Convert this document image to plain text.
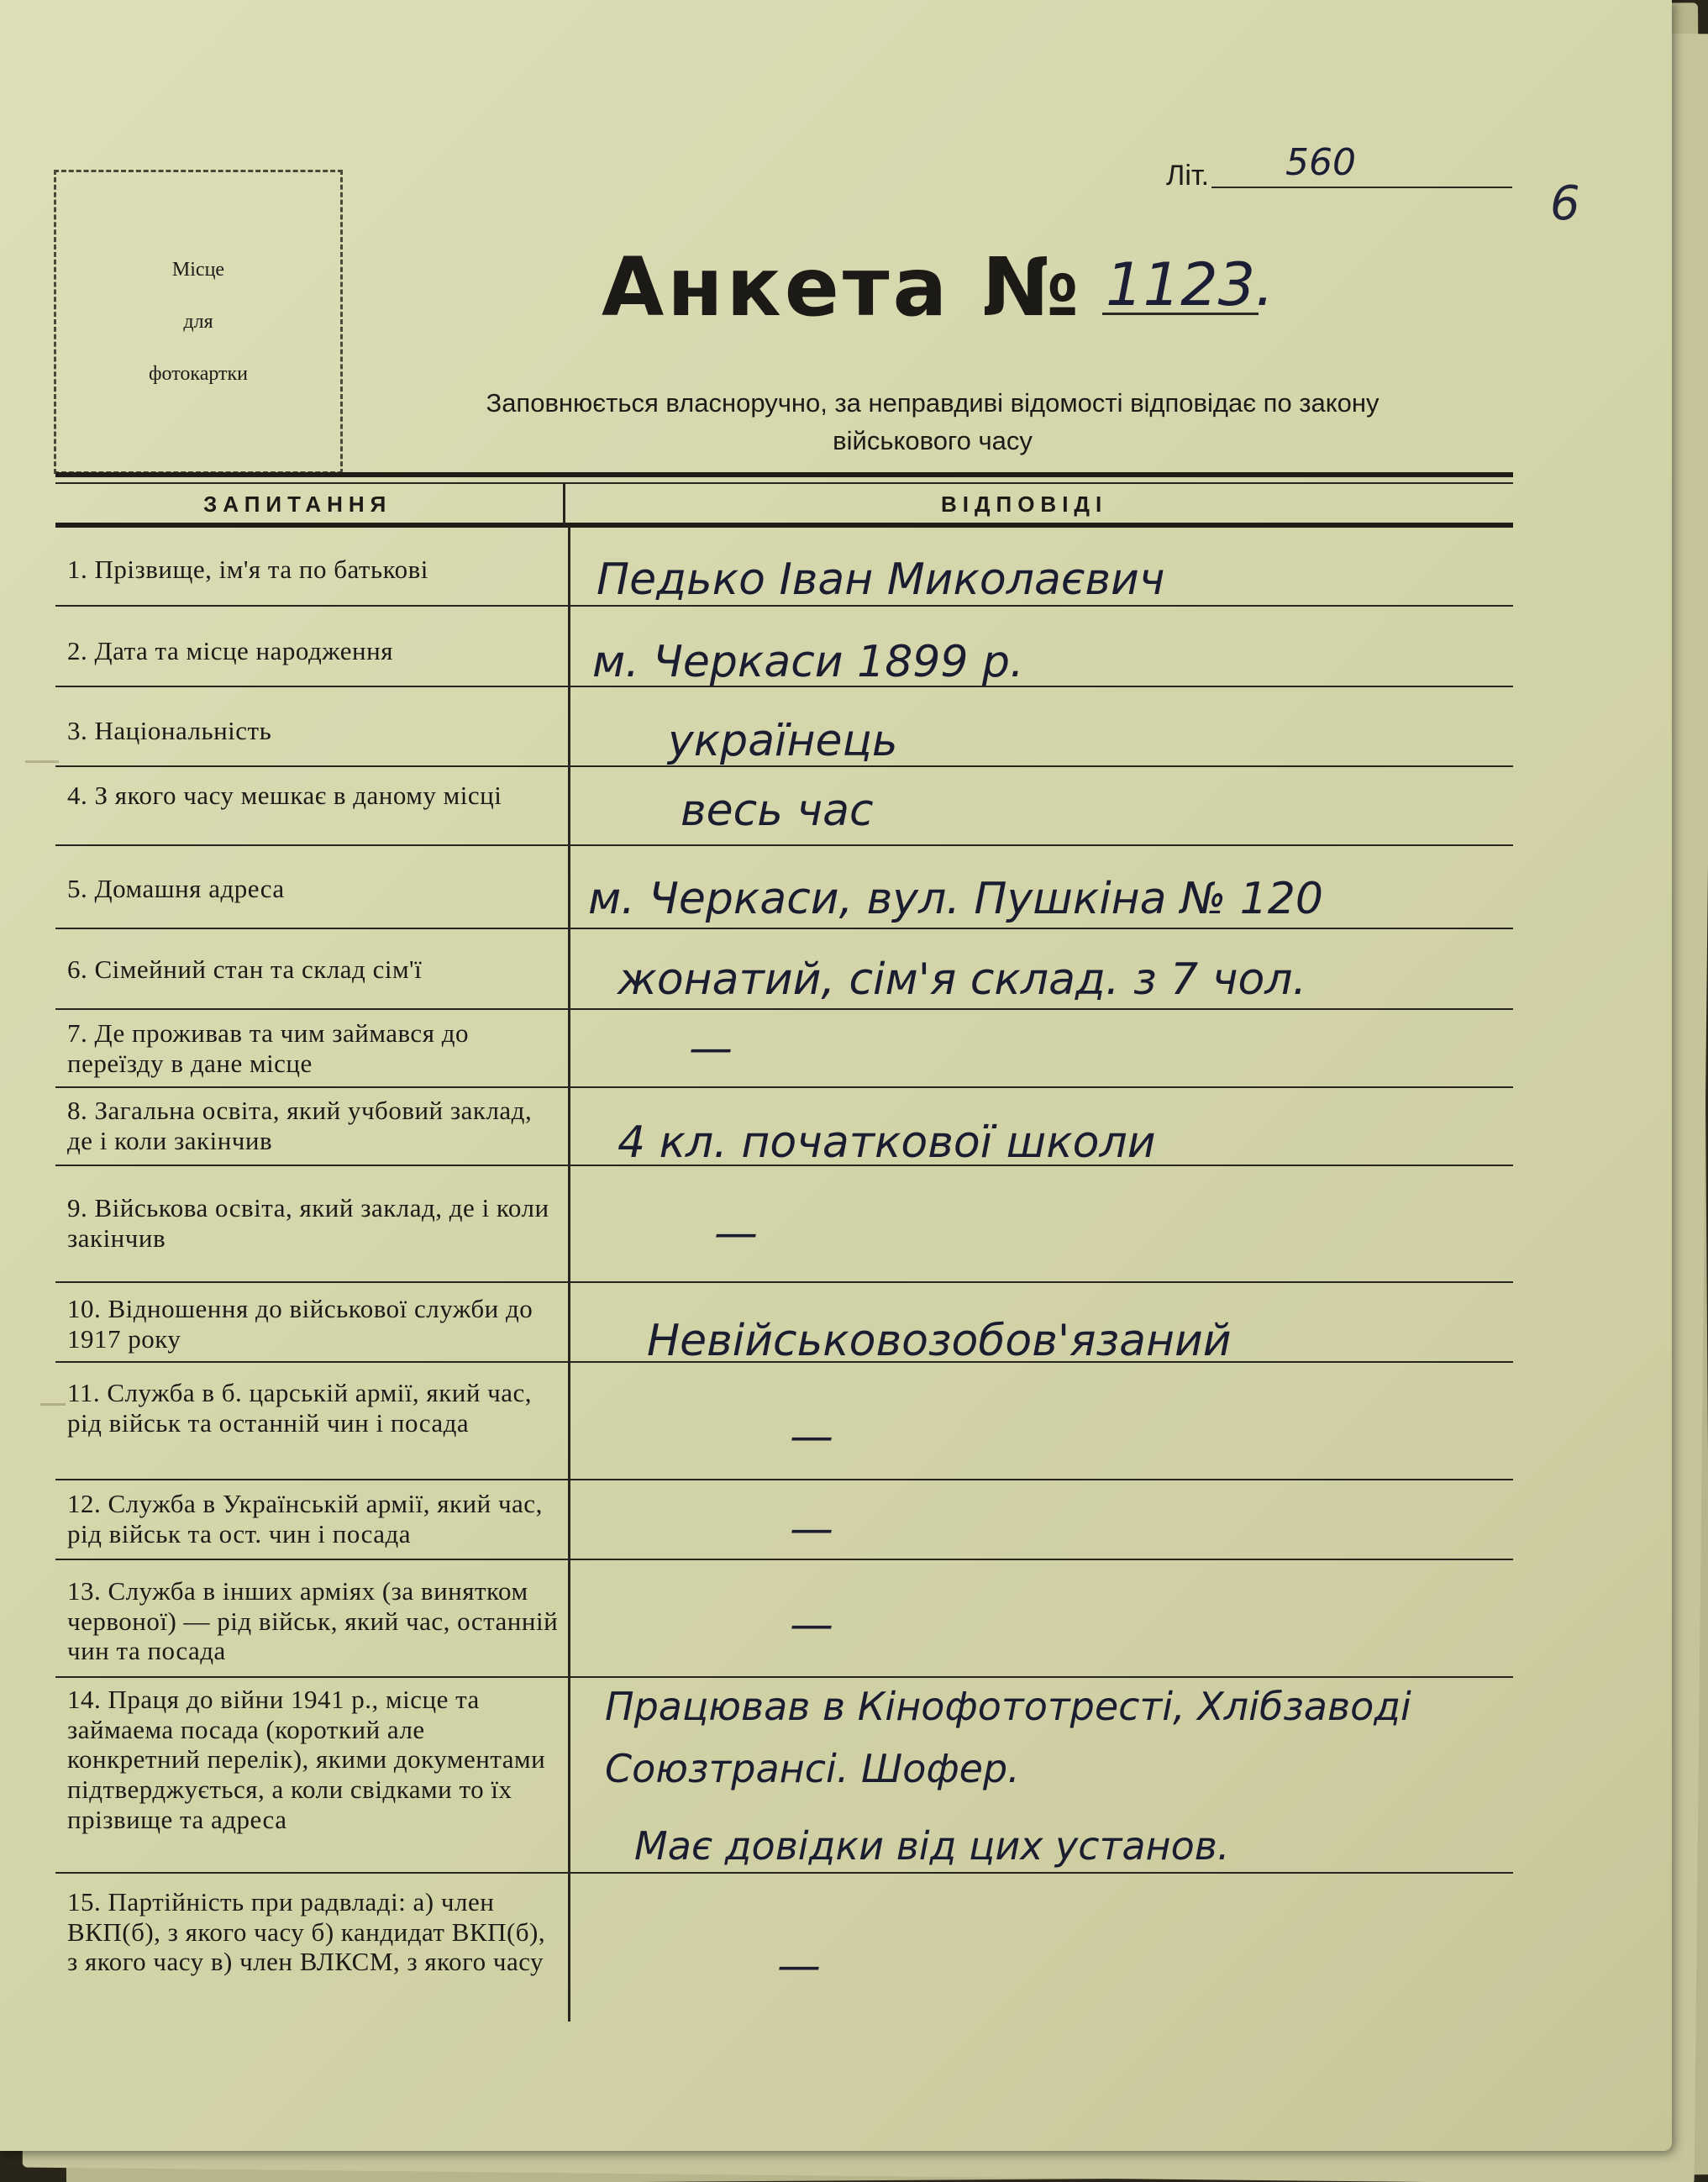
Місце
для
фотокартки
Літ. 560
6
Анкета № 1123.
Заповнюється власноручно, за неправдиві відомості відповідає по закону
військового часу
ЗАПИТАННЯ	ВІДПОВІДІ
1. Прізвище, ім'я та по батькові
2. Дата та місце народження
3. Національність
4. З якого часу мешкає в даному місці
5. Домашня адреса
6. Сімейний стан та склад сім'ї
7. Де проживав та чим займався до переїзду в дане місце
8. Загальна освіта, який учбовий заклад, де і коли закінчив
9. Військова освіта, який заклад, де і коли закінчив
10. Відношення до військової служби до 1917 року
11. Служба в б. царській армії, який час, рід військ та останній чин і посада
12. Служба в Українській армії, який час, рід військ та ост. чин і посада
13. Служба в інших арміях (за винятком червоної) — рід військ, який час, останній чин та посада
14. Праця до війни 1941 р., місце та займаема посада (короткий але конкретний перелік), якими документами підтверджується, а коли свідками то їх прізвище та адреса
15. Партійність при радвладі: а) член ВКП(б), з якого часу б) кандидат ВКП(б), з якого часу в) член ВЛКСМ, з якого часу
Педько Іван Миколаєвич
м. Черкаси 1899 р.
українець
весь час
м. Черкаси, вул. Пушкіна № 120
жонатий, сім'я склад. з 7 чол.
—
4 кл. початкової школи
—
Невійськовозобов'язаний
—
—
—
Працював в Кінофототресті, Хлібзаводі
Союзтрансі. Шофер.
Має довідки від цих установ.
—
